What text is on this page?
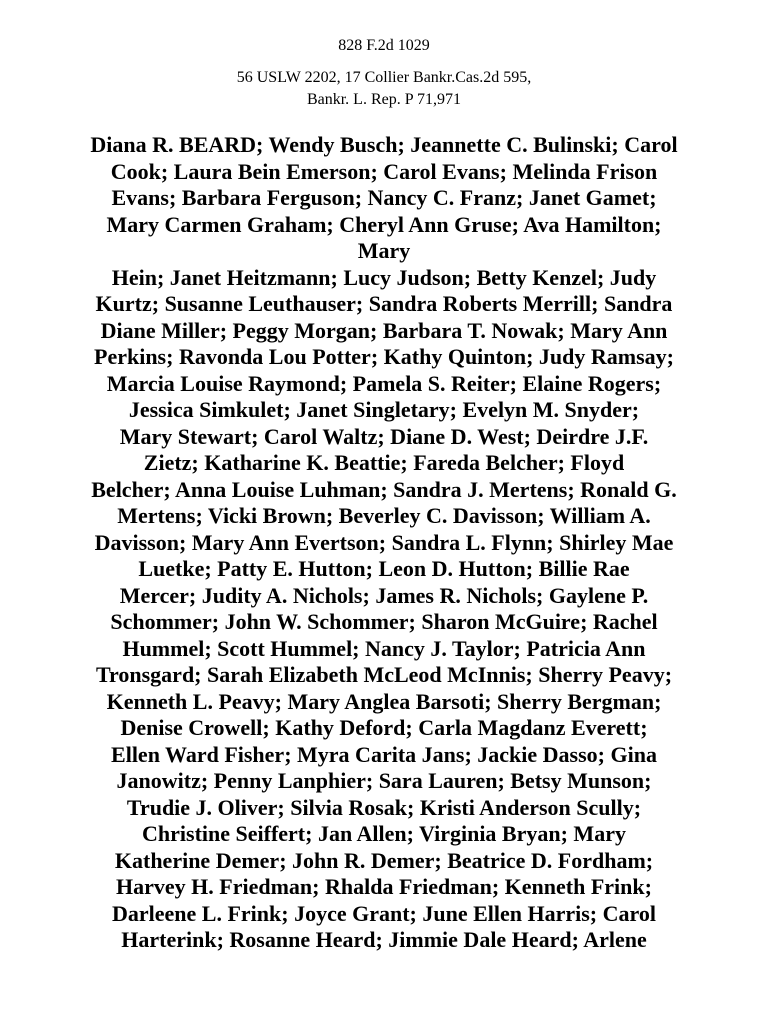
828 F.2d 1029
56 USLW 2202, 17 Collier Bankr.Cas.2d 595,
Bankr. L. Rep. P 71,971
Diana R. BEARD; Wendy Busch; Jeannette C. Bulinski; Carol
Cook; Laura Bein Emerson; Carol Evans; Melinda Frison
Evans; Barbara Ferguson; Nancy C. Franz; Janet Gamet;
Mary Carmen Graham; Cheryl Ann Gruse; Ava Hamilton;
Mary
Hein; Janet Heitzmann; Lucy Judson; Betty Kenzel; Judy
Kurtz; Susanne Leuthauser; Sandra Roberts Merrill; Sandra
Diane Miller; Peggy Morgan; Barbara T. Nowak; Mary Ann
Perkins; Ravonda Lou Potter; Kathy Quinton; Judy Ramsay;
Marcia Louise Raymond; Pamela S. Reiter; Elaine Rogers;
Jessica Simkulet; Janet Singletary; Evelyn M. Snyder;
Mary Stewart; Carol Waltz; Diane D. West; Deirdre J.F.
Zietz; Katharine K. Beattie; Fareda Belcher; Floyd
Belcher; Anna Louise Luhman; Sandra J. Mertens; Ronald G.
Mertens; Vicki Brown; Beverley C. Davisson; William A.
Davisson; Mary Ann Evertson; Sandra L. Flynn; Shirley Mae
Luetke; Patty E. Hutton; Leon D. Hutton; Billie Rae
Mercer; Judity A. Nichols; James R. Nichols; Gaylene P.
Schommer; John W. Schommer; Sharon McGuire; Rachel
Hummel; Scott Hummel; Nancy J. Taylor; Patricia Ann
Tronsgard; Sarah Elizabeth McLeod McInnis; Sherry Peavy;
Kenneth L. Peavy; Mary Anglea Barsoti; Sherry Bergman;
Denise Crowell; Kathy Deford; Carla Magdanz Everett;
Ellen Ward Fisher; Myra Carita Jans; Jackie Dasso; Gina
Janowitz; Penny Lanphier; Sara Lauren; Betsy Munson;
Trudie J. Oliver; Silvia Rosak; Kristi Anderson Scully;
Christine Seiffert; Jan Allen; Virginia Bryan; Mary
Katherine Demer; John R. Demer; Beatrice D. Fordham;
Harvey H. Friedman; Rhalda Friedman; Kenneth Frink;
Darleene L. Frink; Joyce Grant; June Ellen Harris; Carol
Harterink; Rosanne Heard; Jimmie Dale Heard; Arlene
